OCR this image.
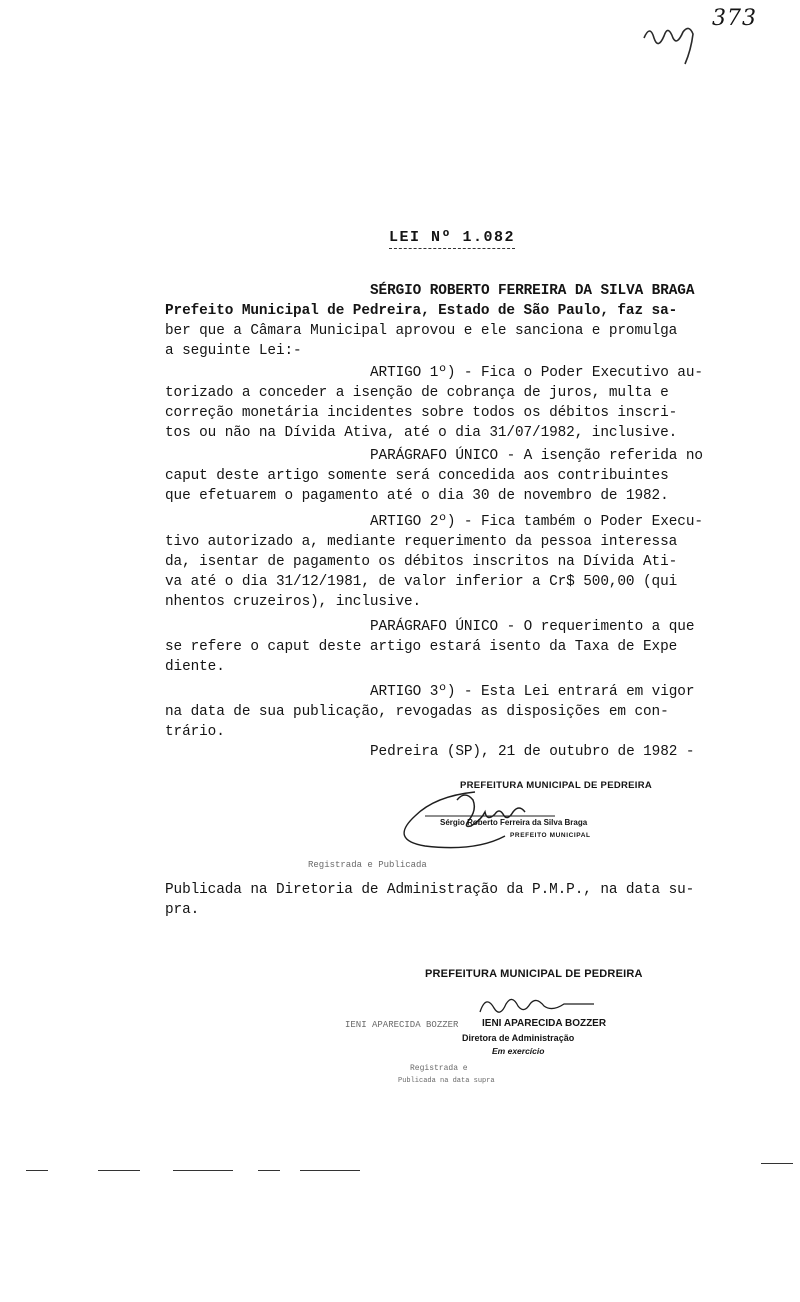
373

LEI Nº 1.082

SÉRGIO ROBERTO FERREIRA DA SILVA BRAGA
Prefeito Municipal de Pedreira, Estado de São Paulo, faz sa-
ber que a Câmara Municipal aprovou e ele sanciona e promulga
a seguinte Lei:-
ARTIGO 1º) - Fica o Poder Executivo au-
torizado a conceder a isenção de cobrança de juros, multa e
correção monetária incidentes sobre todos os débitos inscri-
tos ou não na Dívida Ativa, até o dia 31/07/1982, inclusive.
PARÁGRAFO ÚNICO - A isenção referida no
caput deste artigo somente será concedida aos contribuintes
que efetuarem o pagamento até o dia 30 de novembro de 1982.
ARTIGO 2º) - Fica também o Poder Execu-
tivo autorizado a, mediante requerimento da pessoa interessa
da, isentar de pagamento os débitos inscritos na Dívida Ati-
va até o dia 31/12/1981, de valor inferior a Cr$ 500,00 (qui
nhentos cruzeiros), inclusive.
PARÁGRAFO ÚNICO - O requerimento a que
se refere o caput deste artigo estará isento da Taxa de Expe
diente.
ARTIGO 3º) - Esta Lei entrará em vigor
na data de sua publicação, revogadas as disposições em con-
trário.
Pedreira (SP), 21 de outubro de 1982 -
PREFEITURA MUNICIPAL DE PEDREIRA
Sérgio Roberto Ferreira da Silva Braga
PREFEITO MUNICIPAL
Registrada e Publicada
Publicada na Diretoria de Administração da P.M.P., na data su-
pra.
PREFEITURA MUNICIPAL DE PEDREIRA
IENI APARECIDA BOZZER IENI APARECIDA BOZZER
Diretora de Administração
Em exercício
Registrada e
Publicada na data supra
